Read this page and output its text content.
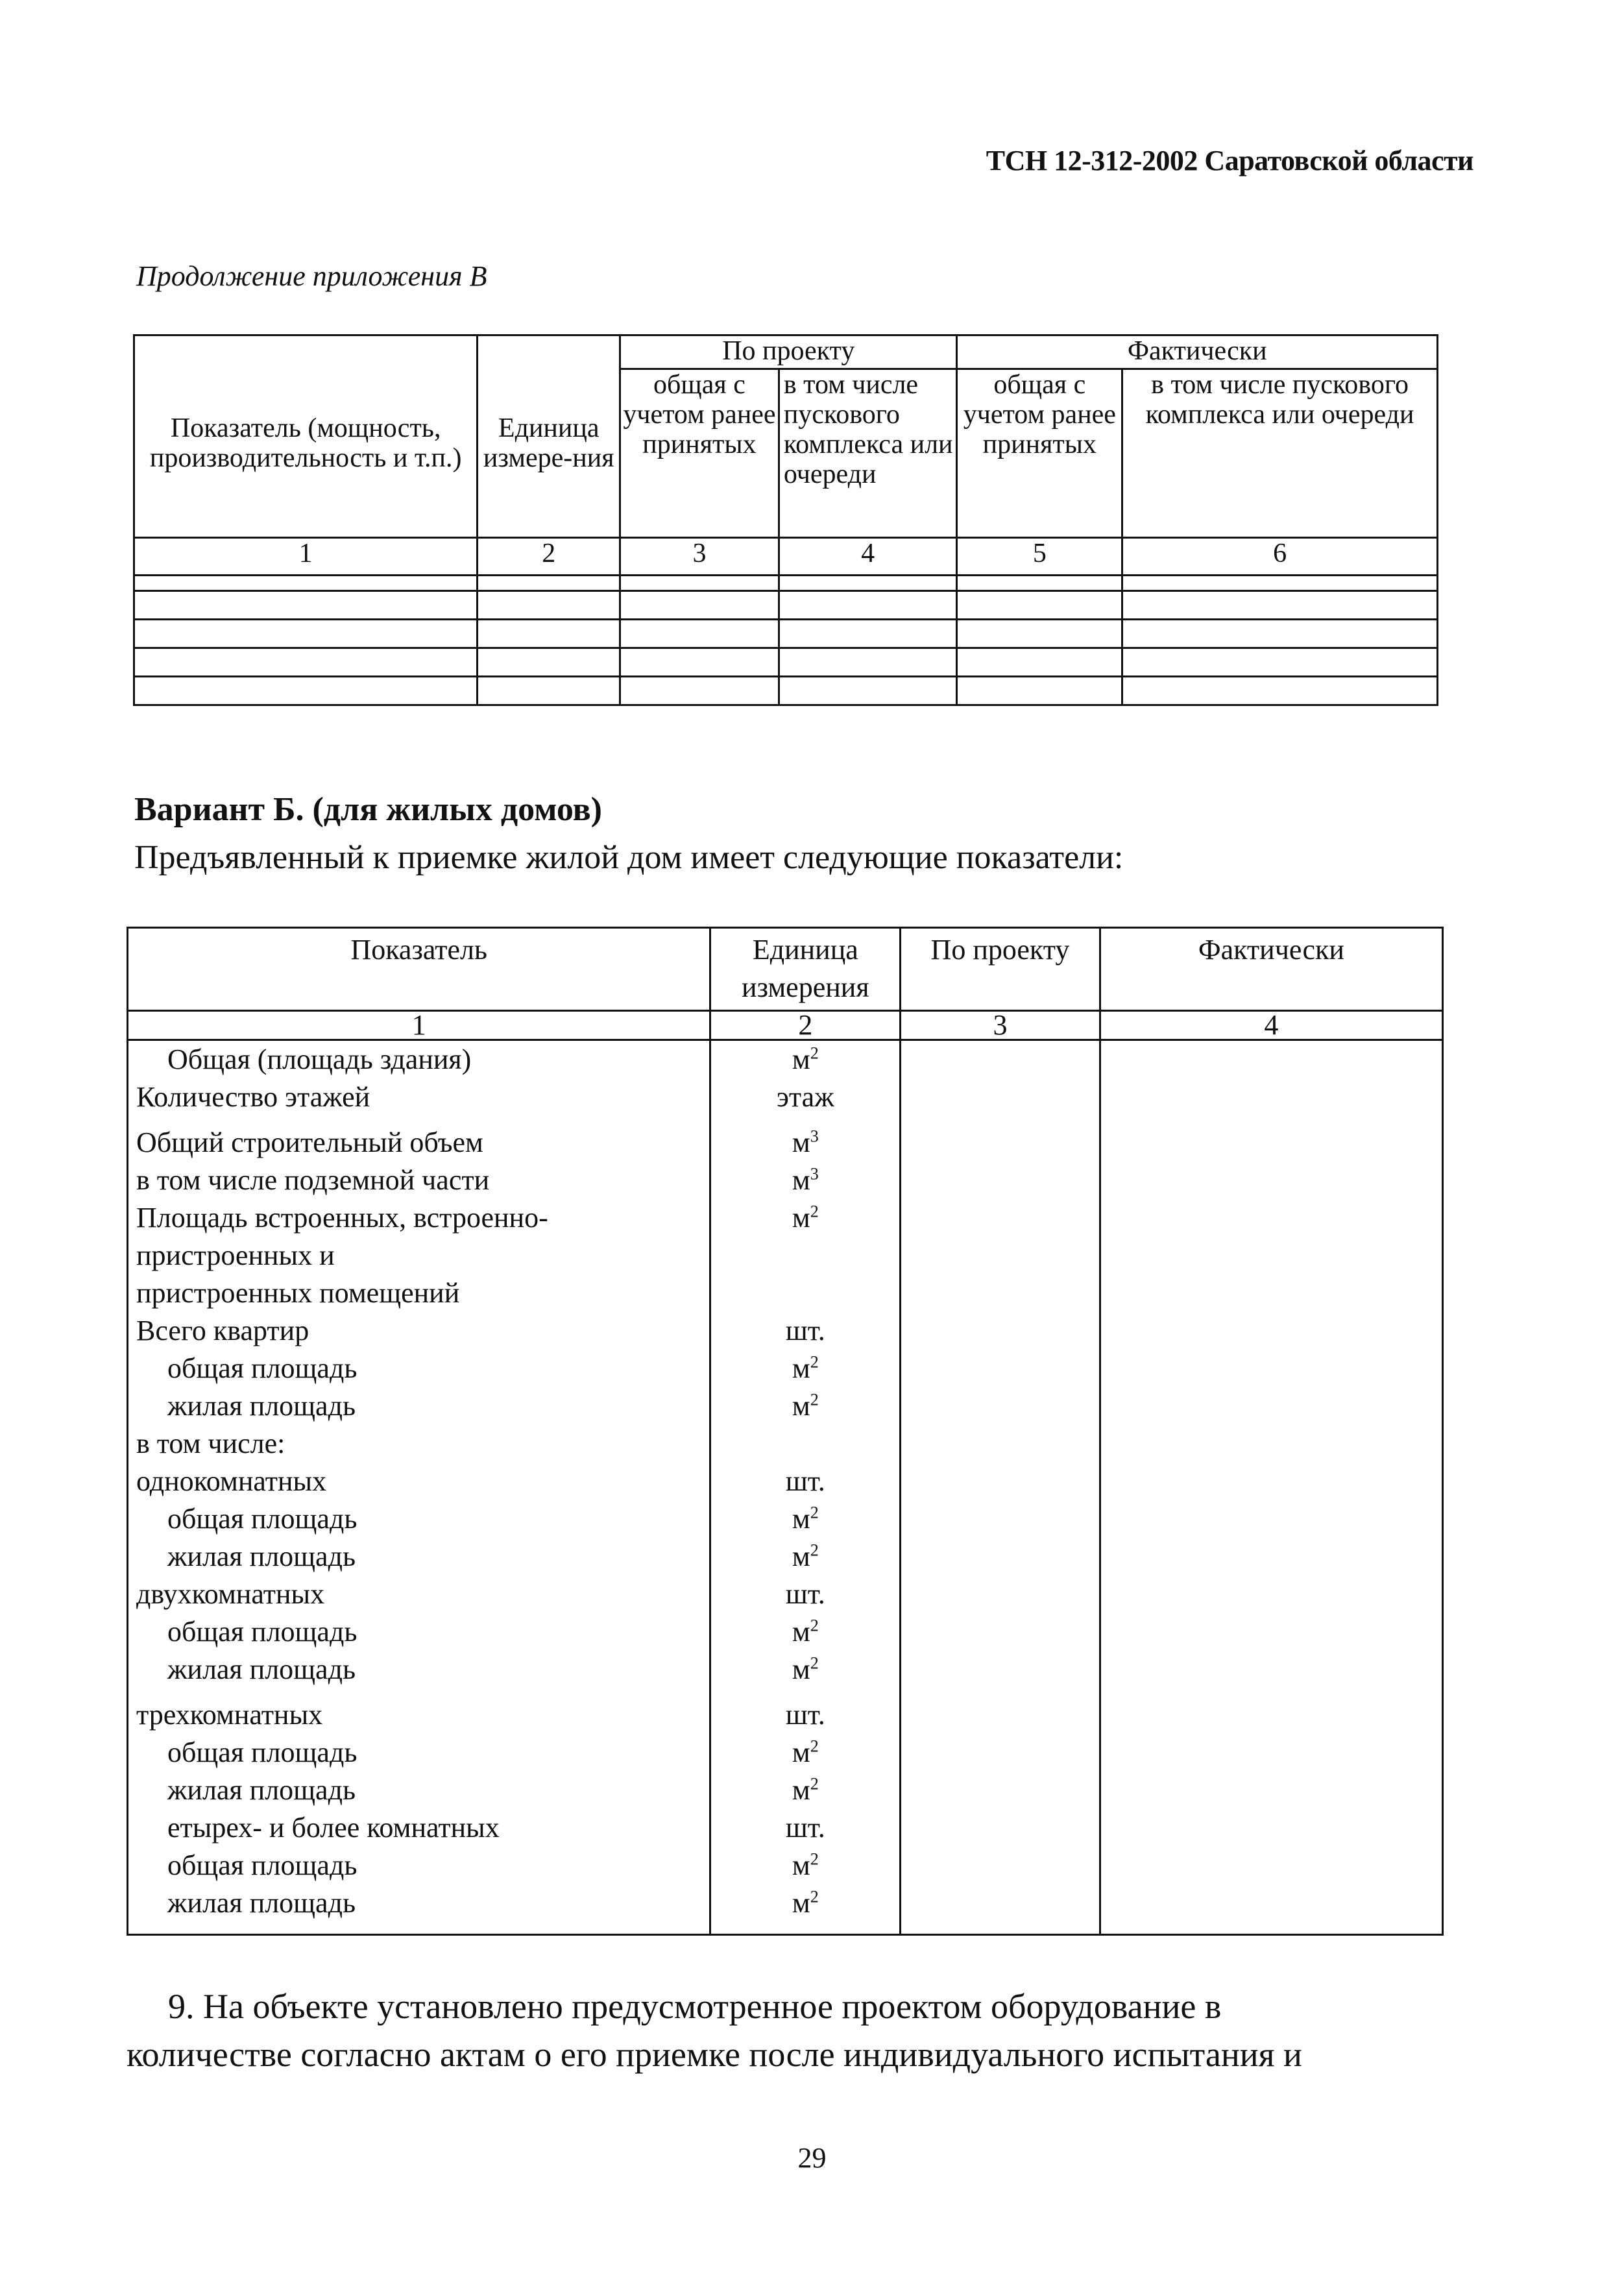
ТСН 12-312-2002 Саратовской области
Продолжение приложения В
Показатель (мощность, производительность и т.п.)	Единица измере-ния	По проекту		Фактически	
		общая с учетом ранее принятых	в том числе пускового комплекса или очереди	общая с учетом ранее принятых	в том числе пускового комплекса или очереди
1	2	3	4	5	6

Вариант Б. (для жилых домов)
Предъявленный к приемке жилой дом имеет следующие показатели:
Показатель	Единица измерения	По проекту	Фактически
1	2	3	4
Общая (площадь здания)	$м^2$		
Количество этажей	этаж		
Общий строительный объем	$м^3$		
в том числе подземной части	$м^3$		
Площадь встроенных, встроенно-	$м^2$		
пристроенных и			
пристроенных помещений			
Всего квартир	шт.		
общая площадь	$м^2$		
жилая площадь	$м^2$		
в том числе:			
однокомнатных	шт.		
общая площадь	$м^2$		
жилая площадь	$м^2$		
двухкомнатных	шт.		
общая площадь	$м^2$		
жилая площадь	$м^2$		
трехкомнатных	шт.		
общая площадь	$м^2$		
жилая площадь	$м^2$		
етырех- и более комнатных	шт.		
общая площадь	$м^2$		
жилая площадь	$м^2$		
9. На объекте установлено предусмотренное проектом оборудование в
количестве согласно актам о его приемке после индивидуального испытания и
29
